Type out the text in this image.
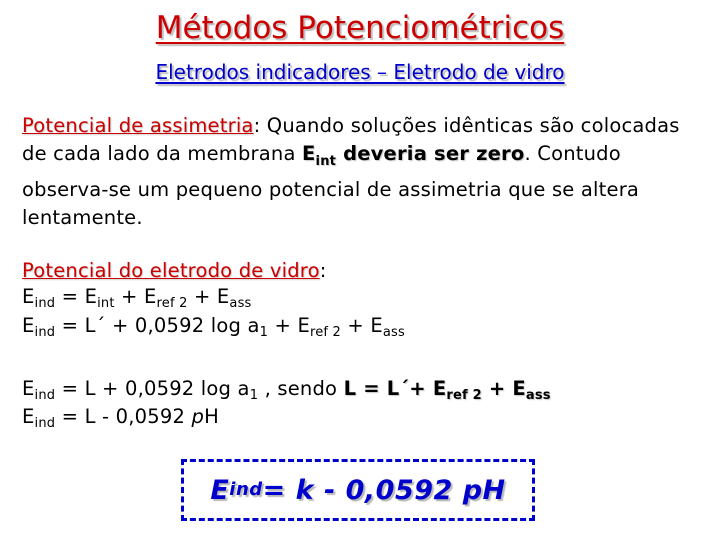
Métodos Potenciométricos
Eletrodos indicadores – Eletrodo de vidro
Potencial de assimetria: Quando soluções idênticas são colocadas de cada lado da membrana $E_{int}$ deveria ser zero. Contudo observa-se um pequeno potencial de assimetria que se altera lentamente.
Potencial do eletrodo de vidro:
$E_{ind} = E_{int} + E_{ref 2} + E_{ass}$
$E_{ind}$ = L´ + 0,0592 $\log a_1 + E_{ref 2} + E_{ass}$
$E_{ind} = L + 0,0592$ $\log a_1$ , sendo L = L´+ $E_{ref 2} + E_{ass}$
$E_{ind} = L - 0,0592$ pH
E ind = k - 0,0592 pH
